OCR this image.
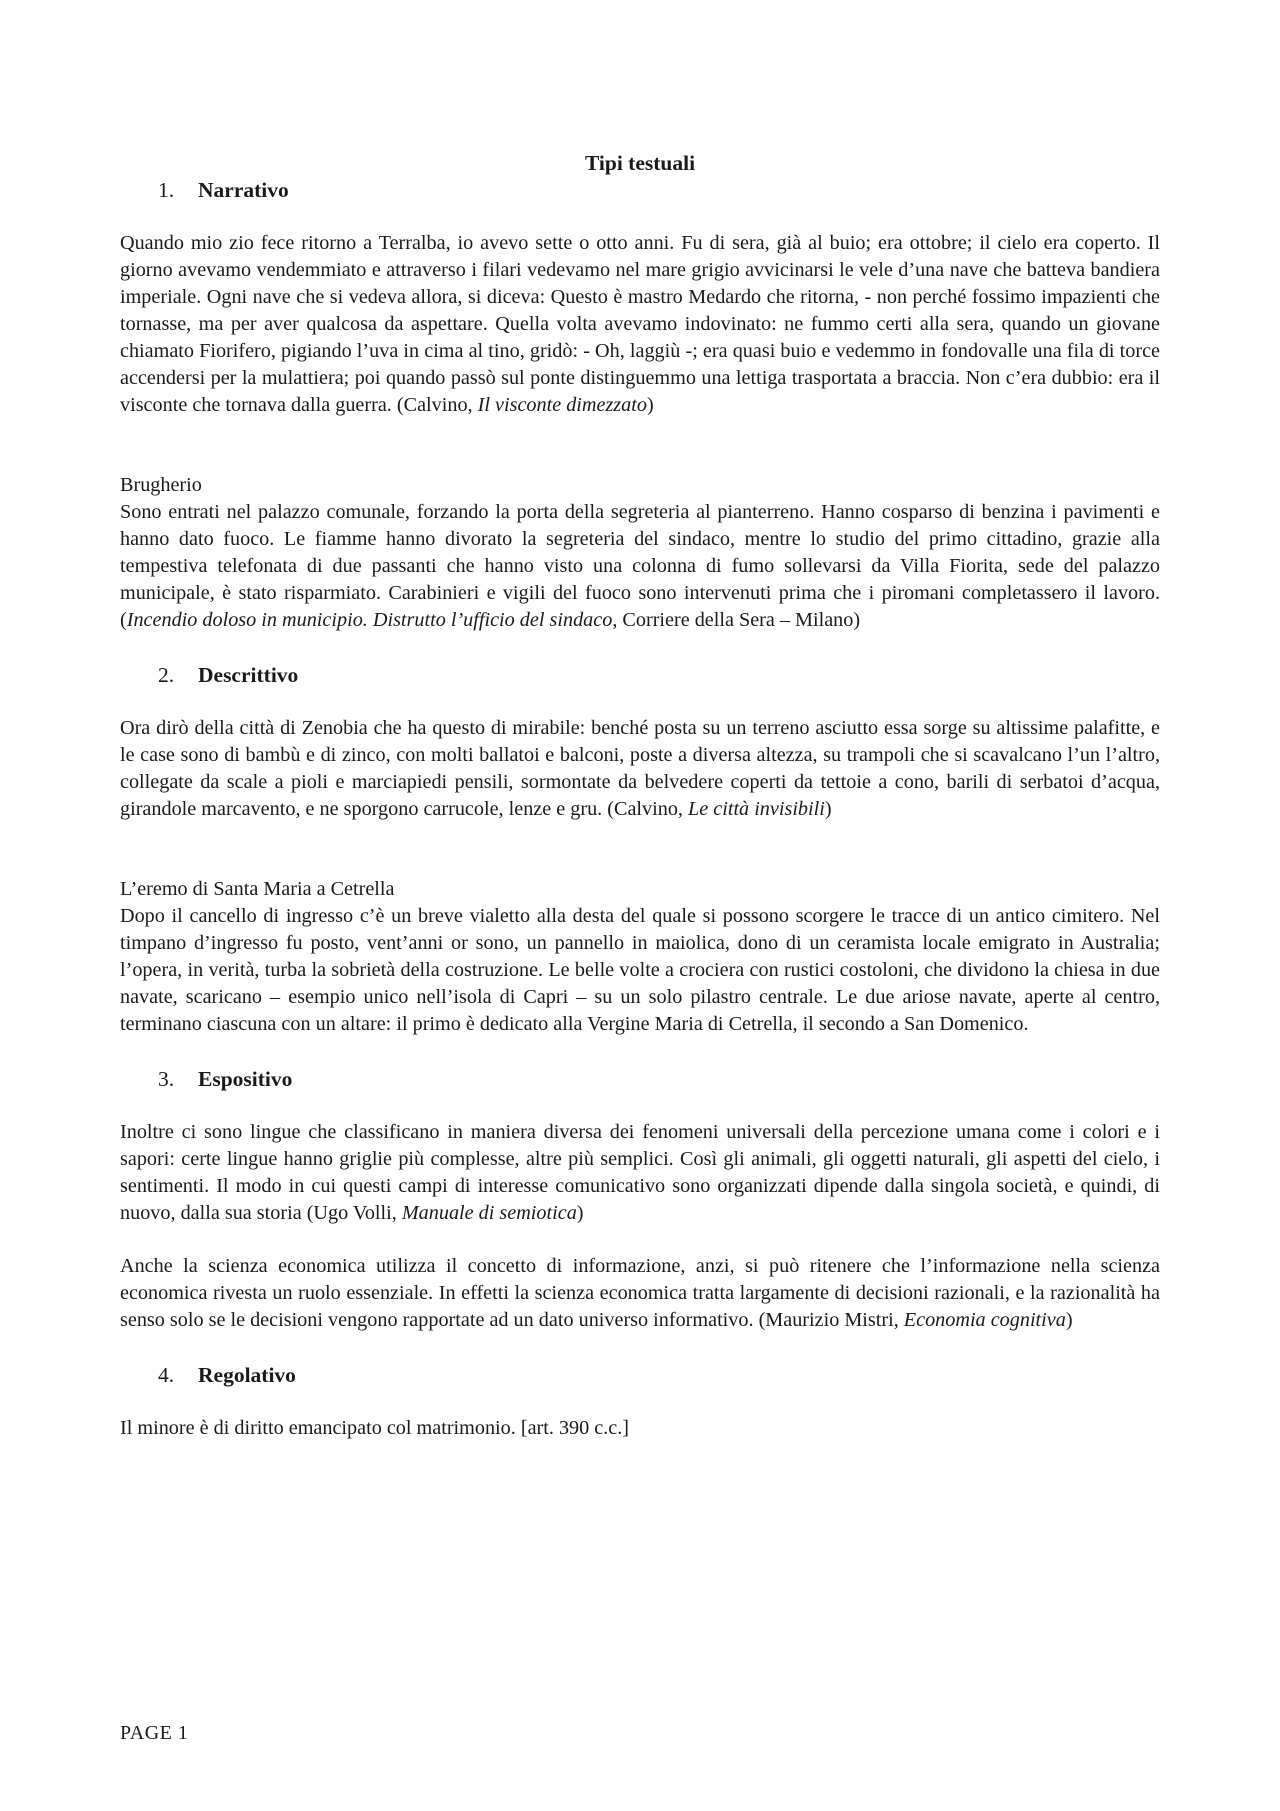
Tipi testuali
1.	Narrativo

Quando mio zio fece ritorno a Terralba, io avevo sette o otto anni. Fu di sera, già al buio; era ottobre; il cielo era coperto. Il giorno avevamo vendemmiato e attraverso i filari vedevamo nel mare grigio avvicinarsi le vele d’una nave che batteva bandiera imperiale. Ogni nave che si vedeva allora, si diceva: Questo è mastro Medardo che ritorna, - non perché fossimo impazienti che tornasse, ma per aver qualcosa da aspettare. Quella volta avevamo indovinato: ne fummo certi alla sera, quando un giovane chiamato Fiorifero, pigiando l’uva in cima al tino, gridò: - Oh, laggiù -; era quasi buio e vedemmo in fondovalle una fila di torce accendersi per la mulattiera; poi quando passò sul ponte distinguemmo una lettiga trasportata a braccia. Non c’era dubbio: era il visconte che tornava dalla guerra. (Calvino, Il visconte dimezzato)

Brugherio

Sono entrati nel palazzo comunale, forzando la porta della segreteria al pianterreno. Hanno cosparso di benzina i pavimenti e hanno dato fuoco. Le fiamme hanno divorato la segreteria del sindaco, mentre lo studio del primo cittadino, grazie alla tempestiva telefonata di due passanti che hanno visto una colonna di fumo sollevarsi da Villa Fiorita, sede del palazzo municipale, è stato risparmiato. Carabinieri e vigili del fuoco sono intervenuti prima che i piromani completassero il lavoro. (Incendio doloso in municipio. Distrutto l’ufficio del sindaco, Corriere della Sera – Milano)

2.	Descrittivo

Ora dirò della città di Zenobia che ha questo di mirabile: benché posta su un terreno asciutto essa sorge su altissime palafitte, e le case sono di bambù e di zinco, con molti ballatoi e balconi, poste a diversa altezza, su trampoli che si scavalcano l’un l’altro, collegate da scale a pioli e marciapiedi pensili, sormontate da belvedere coperti da tettoie a cono, barili di serbatoi d’acqua, girandole marcavento, e ne sporgono carrucole, lenze e gru. (Calvino, Le città invisibili)

L’eremo di Santa Maria a Cetrella

Dopo il cancello di ingresso c’è un breve vialetto alla desta del quale si possono scorgere le tracce di un antico cimitero. Nel timpano d’ingresso fu posto, vent’anni or sono, un pannello in maiolica, dono di un ceramista locale emigrato in Australia; l’opera, in verità, turba la sobrietà della costruzione. Le belle volte a crociera con rustici costoloni, che dividono la chiesa in due navate, scaricano – esempio unico nell’isola di Capri – su un solo pilastro centrale. Le due ariose navate, aperte al centro, terminano ciascuna con un altare: il primo è dedicato alla Vergine Maria di Cetrella, il secondo a San Domenico.

3.	Espositivo

Inoltre ci sono lingue che classificano in maniera diversa dei fenomeni universali della percezione umana come i colori e i sapori: certe lingue hanno griglie più complesse, altre più semplici. Così gli animali, gli oggetti naturali, gli aspetti del cielo, i sentimenti. Il modo in cui questi campi di interesse comunicativo sono organizzati dipende dalla singola società, e quindi, di nuovo, dalla sua storia (Ugo Volli, Manuale di semiotica)

Anche la scienza economica utilizza il concetto di informazione, anzi, si può ritenere che l’informazione nella scienza economica rivesta un ruolo essenziale. In effetti la scienza economica tratta largamente di decisioni razionali, e la razionalità ha senso solo se le decisioni vengono rapportate ad un dato universo informativo. (Maurizio Mistri, Economia cognitiva)

4.	Regolativo

Il minore è di diritto emancipato col matrimonio. [art. 390 c.c.]

PAGE 1
